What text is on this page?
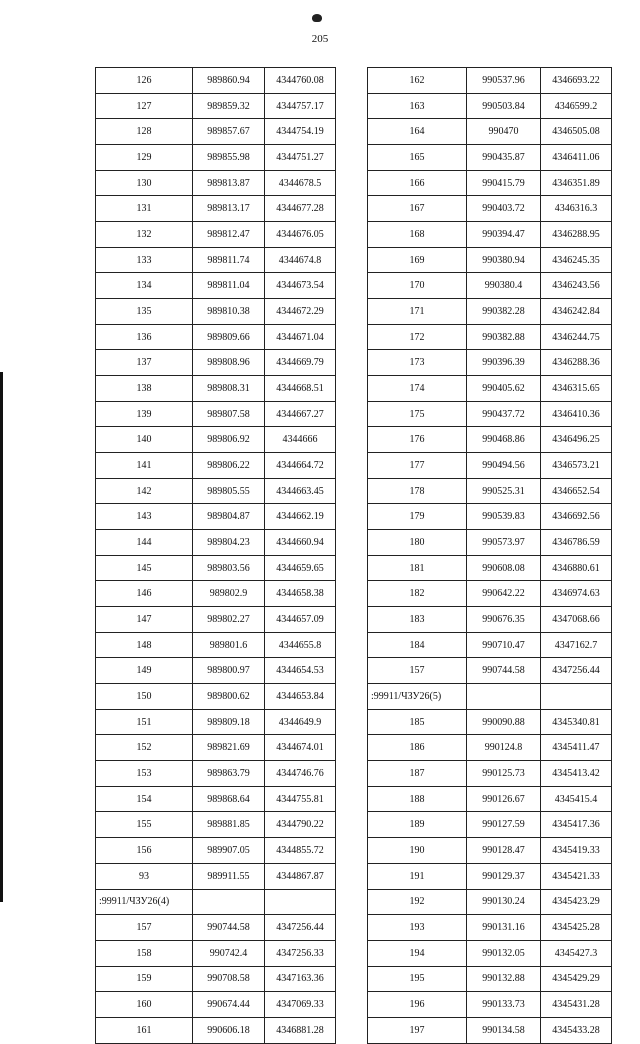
205
126	989860.94	4344760.08
127	989859.32	4344757.17
128	989857.67	4344754.19
129	989855.98	4344751.27
130	989813.87	4344678.5
131	989813.17	4344677.28
132	989812.47	4344676.05
133	989811.74	4344674.8
134	989811.04	4344673.54
135	989810.38	4344672.29
136	989809.66	4344671.04
137	989808.96	4344669.79
138	989808.31	4344668.51
139	989807.58	4344667.27
140	989806.92	4344666
141	989806.22	4344664.72
142	989805.55	4344663.45
143	989804.87	4344662.19
144	989804.23	4344660.94
145	989803.56	4344659.65
146	989802.9	4344658.38
147	989802.27	4344657.09
148	989801.6	4344655.8
149	989800.97	4344654.53
150	989800.62	4344653.84
151	989809.18	4344649.9
152	989821.69	4344674.01
153	989863.79	4344746.76
154	989868.64	4344755.81
155	989881.85	4344790.22
156	989907.05	4344855.72
93	989911.55	4344867.87
:99911/ЧЗУ26(4)		
157	990744.58	4347256.44
158	990742.4	4347256.33
159	990708.58	4347163.36
160	990674.44	4347069.33
161	990606.18	4346881.28
162	990537.96	4346693.22
163	990503.84	4346599.2
164	990470	4346505.08
165	990435.87	4346411.06
166	990415.79	4346351.89
167	990403.72	4346316.3
168	990394.47	4346288.95
169	990380.94	4346245.35
170	990380.4	4346243.56
171	990382.28	4346242.84
172	990382.88	4346244.75
173	990396.39	4346288.36
174	990405.62	4346315.65
175	990437.72	4346410.36
176	990468.86	4346496.25
177	990494.56	4346573.21
178	990525.31	4346652.54
179	990539.83	4346692.56
180	990573.97	4346786.59
181	990608.08	4346880.61
182	990642.22	4346974.63
183	990676.35	4347068.66
184	990710.47	4347162.7
157	990744.58	4347256.44
:99911/ЧЗУ26(5)		
185	990090.88	4345340.81
186	990124.8	4345411.47
187	990125.73	4345413.42
188	990126.67	4345415.4
189	990127.59	4345417.36
190	990128.47	4345419.33
191	990129.37	4345421.33
192	990130.24	4345423.29
193	990131.16	4345425.28
194	990132.05	4345427.3
195	990132.88	4345429.29
196	990133.73	4345431.28
197	990134.58	4345433.28
